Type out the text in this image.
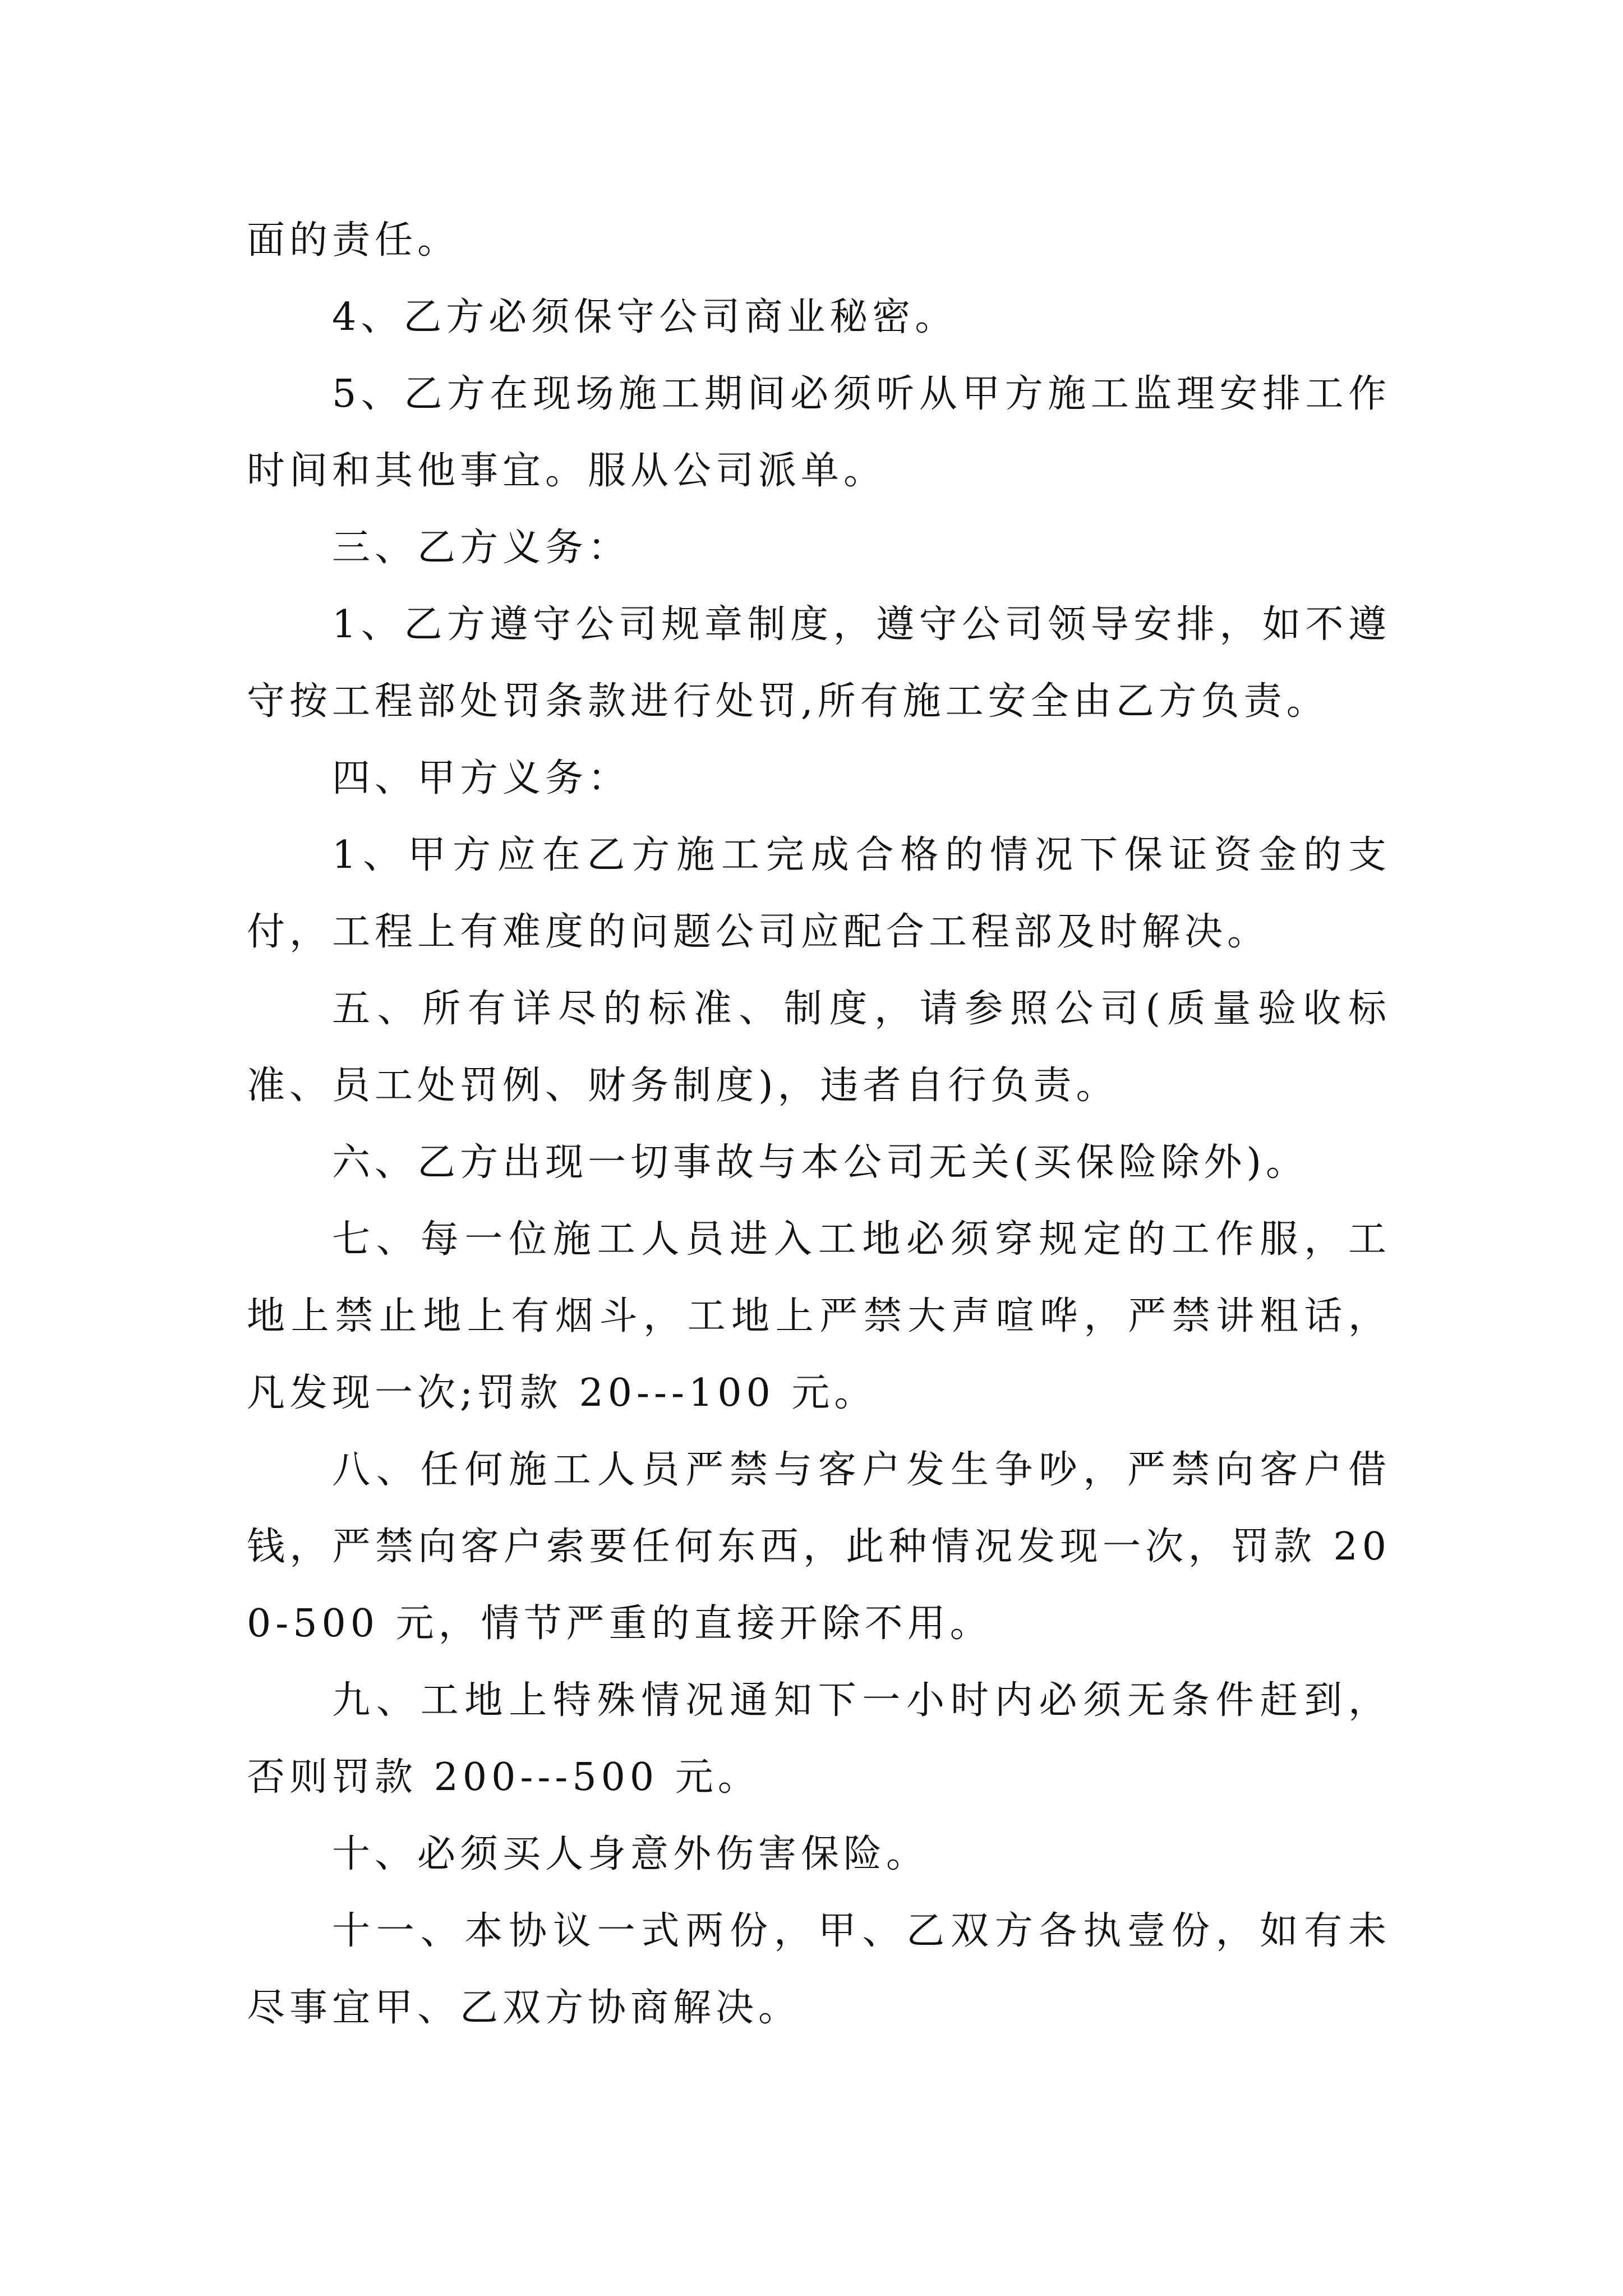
面的责任。

4、乙方必须保守公司商业秘密。

5、乙方在现场施工期间必须听从甲方施工监理安排工作时间和其他事宜。服从公司派单。

三、乙方义务：

1、乙方遵守公司规章制度，遵守公司领导安排，如不遵守按工程部处罚条款进行处罚,所有施工安全由乙方负责。

四、甲方义务：

1、甲方应在乙方施工完成合格的情况下保证资金的支付，工程上有难度的问题公司应配合工程部及时解决。

五、所有详尽的标准、制度，请参照公司(质量验收标准、员工处罚例、财务制度)，违者自行负责。

六、乙方出现一切事故与本公司无关(买保险除外)。

七、每一位施工人员进入工地必须穿规定的工作服，工地上禁止地上有烟斗，工地上严禁大声喧哗，严禁讲粗话，凡发现一次;罚款 20---100 元。

八、任何施工人员严禁与客户发生争吵，严禁向客户借钱，严禁向客户索要任何东西，此种情况发现一次，罚款 200-500 元，情节严重的直接开除不用。

九、工地上特殊情况通知下一小时内必须无条件赶到，否则罚款 200---500 元。

十、必须买人身意外伤害保险。

十一、本协议一式两份，甲、乙双方各执壹份，如有未尽事宜甲、乙双方协商解决。
